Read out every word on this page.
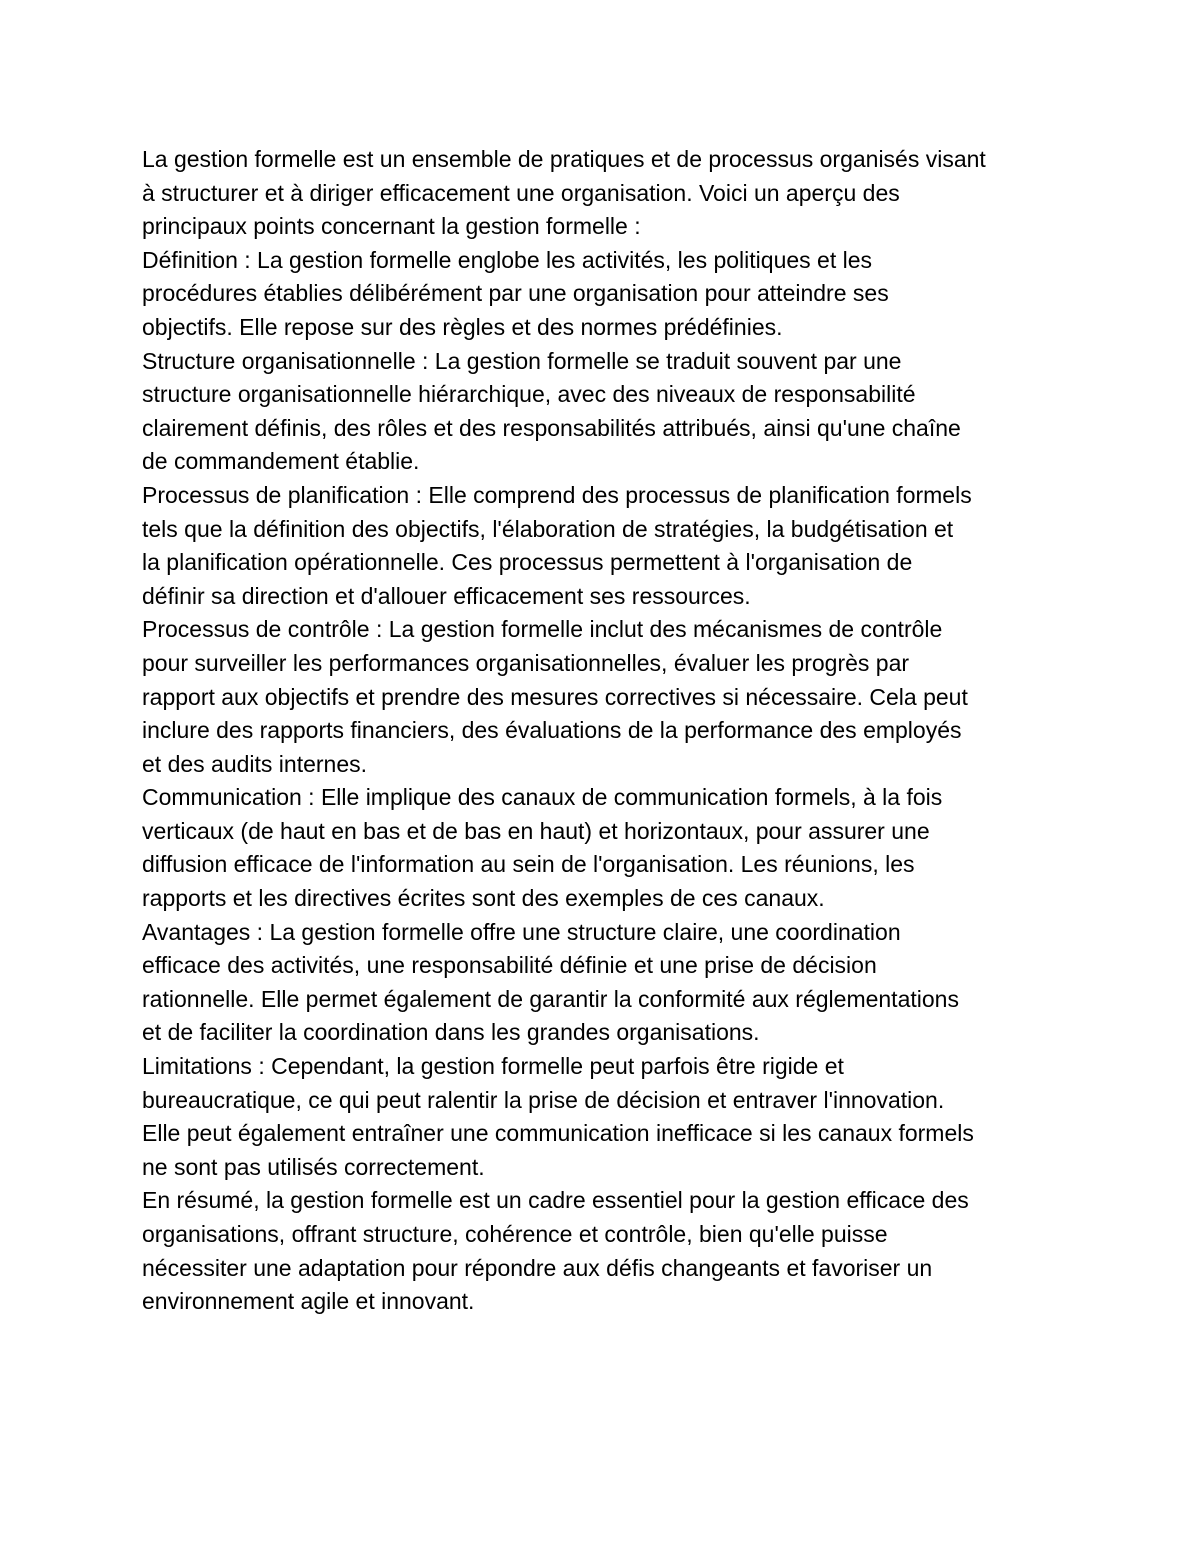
La gestion formelle est un ensemble de pratiques et de processus organisés visant
à structurer et à diriger efficacement une organisation. Voici un aperçu des
principaux points concernant la gestion formelle :
Définition : La gestion formelle englobe les activités, les politiques et les
procédures établies délibérément par une organisation pour atteindre ses
objectifs. Elle repose sur des règles et des normes prédéfinies.
Structure organisationnelle : La gestion formelle se traduit souvent par une
structure organisationnelle hiérarchique, avec des niveaux de responsabilité
clairement définis, des rôles et des responsabilités attribués, ainsi qu'une chaîne
de commandement établie.
Processus de planification : Elle comprend des processus de planification formels
tels que la définition des objectifs, l'élaboration de stratégies, la budgétisation et
la planification opérationnelle. Ces processus permettent à l'organisation de
définir sa direction et d'allouer efficacement ses ressources.
Processus de contrôle : La gestion formelle inclut des mécanismes de contrôle
pour surveiller les performances organisationnelles, évaluer les progrès par
rapport aux objectifs et prendre des mesures correctives si nécessaire. Cela peut
inclure des rapports financiers, des évaluations de la performance des employés
et des audits internes.
Communication : Elle implique des canaux de communication formels, à la fois
verticaux (de haut en bas et de bas en haut) et horizontaux, pour assurer une
diffusion efficace de l'information au sein de l'organisation. Les réunions, les
rapports et les directives écrites sont des exemples de ces canaux.
Avantages : La gestion formelle offre une structure claire, une coordination
efficace des activités, une responsabilité définie et une prise de décision
rationnelle. Elle permet également de garantir la conformité aux réglementations
et de faciliter la coordination dans les grandes organisations.
Limitations : Cependant, la gestion formelle peut parfois être rigide et
bureaucratique, ce qui peut ralentir la prise de décision et entraver l'innovation.
Elle peut également entraîner une communication inefficace si les canaux formels
ne sont pas utilisés correctement.
En résumé, la gestion formelle est un cadre essentiel pour la gestion efficace des
organisations, offrant structure, cohérence et contrôle, bien qu'elle puisse
nécessiter une adaptation pour répondre aux défis changeants et favoriser un
environnement agile et innovant.
